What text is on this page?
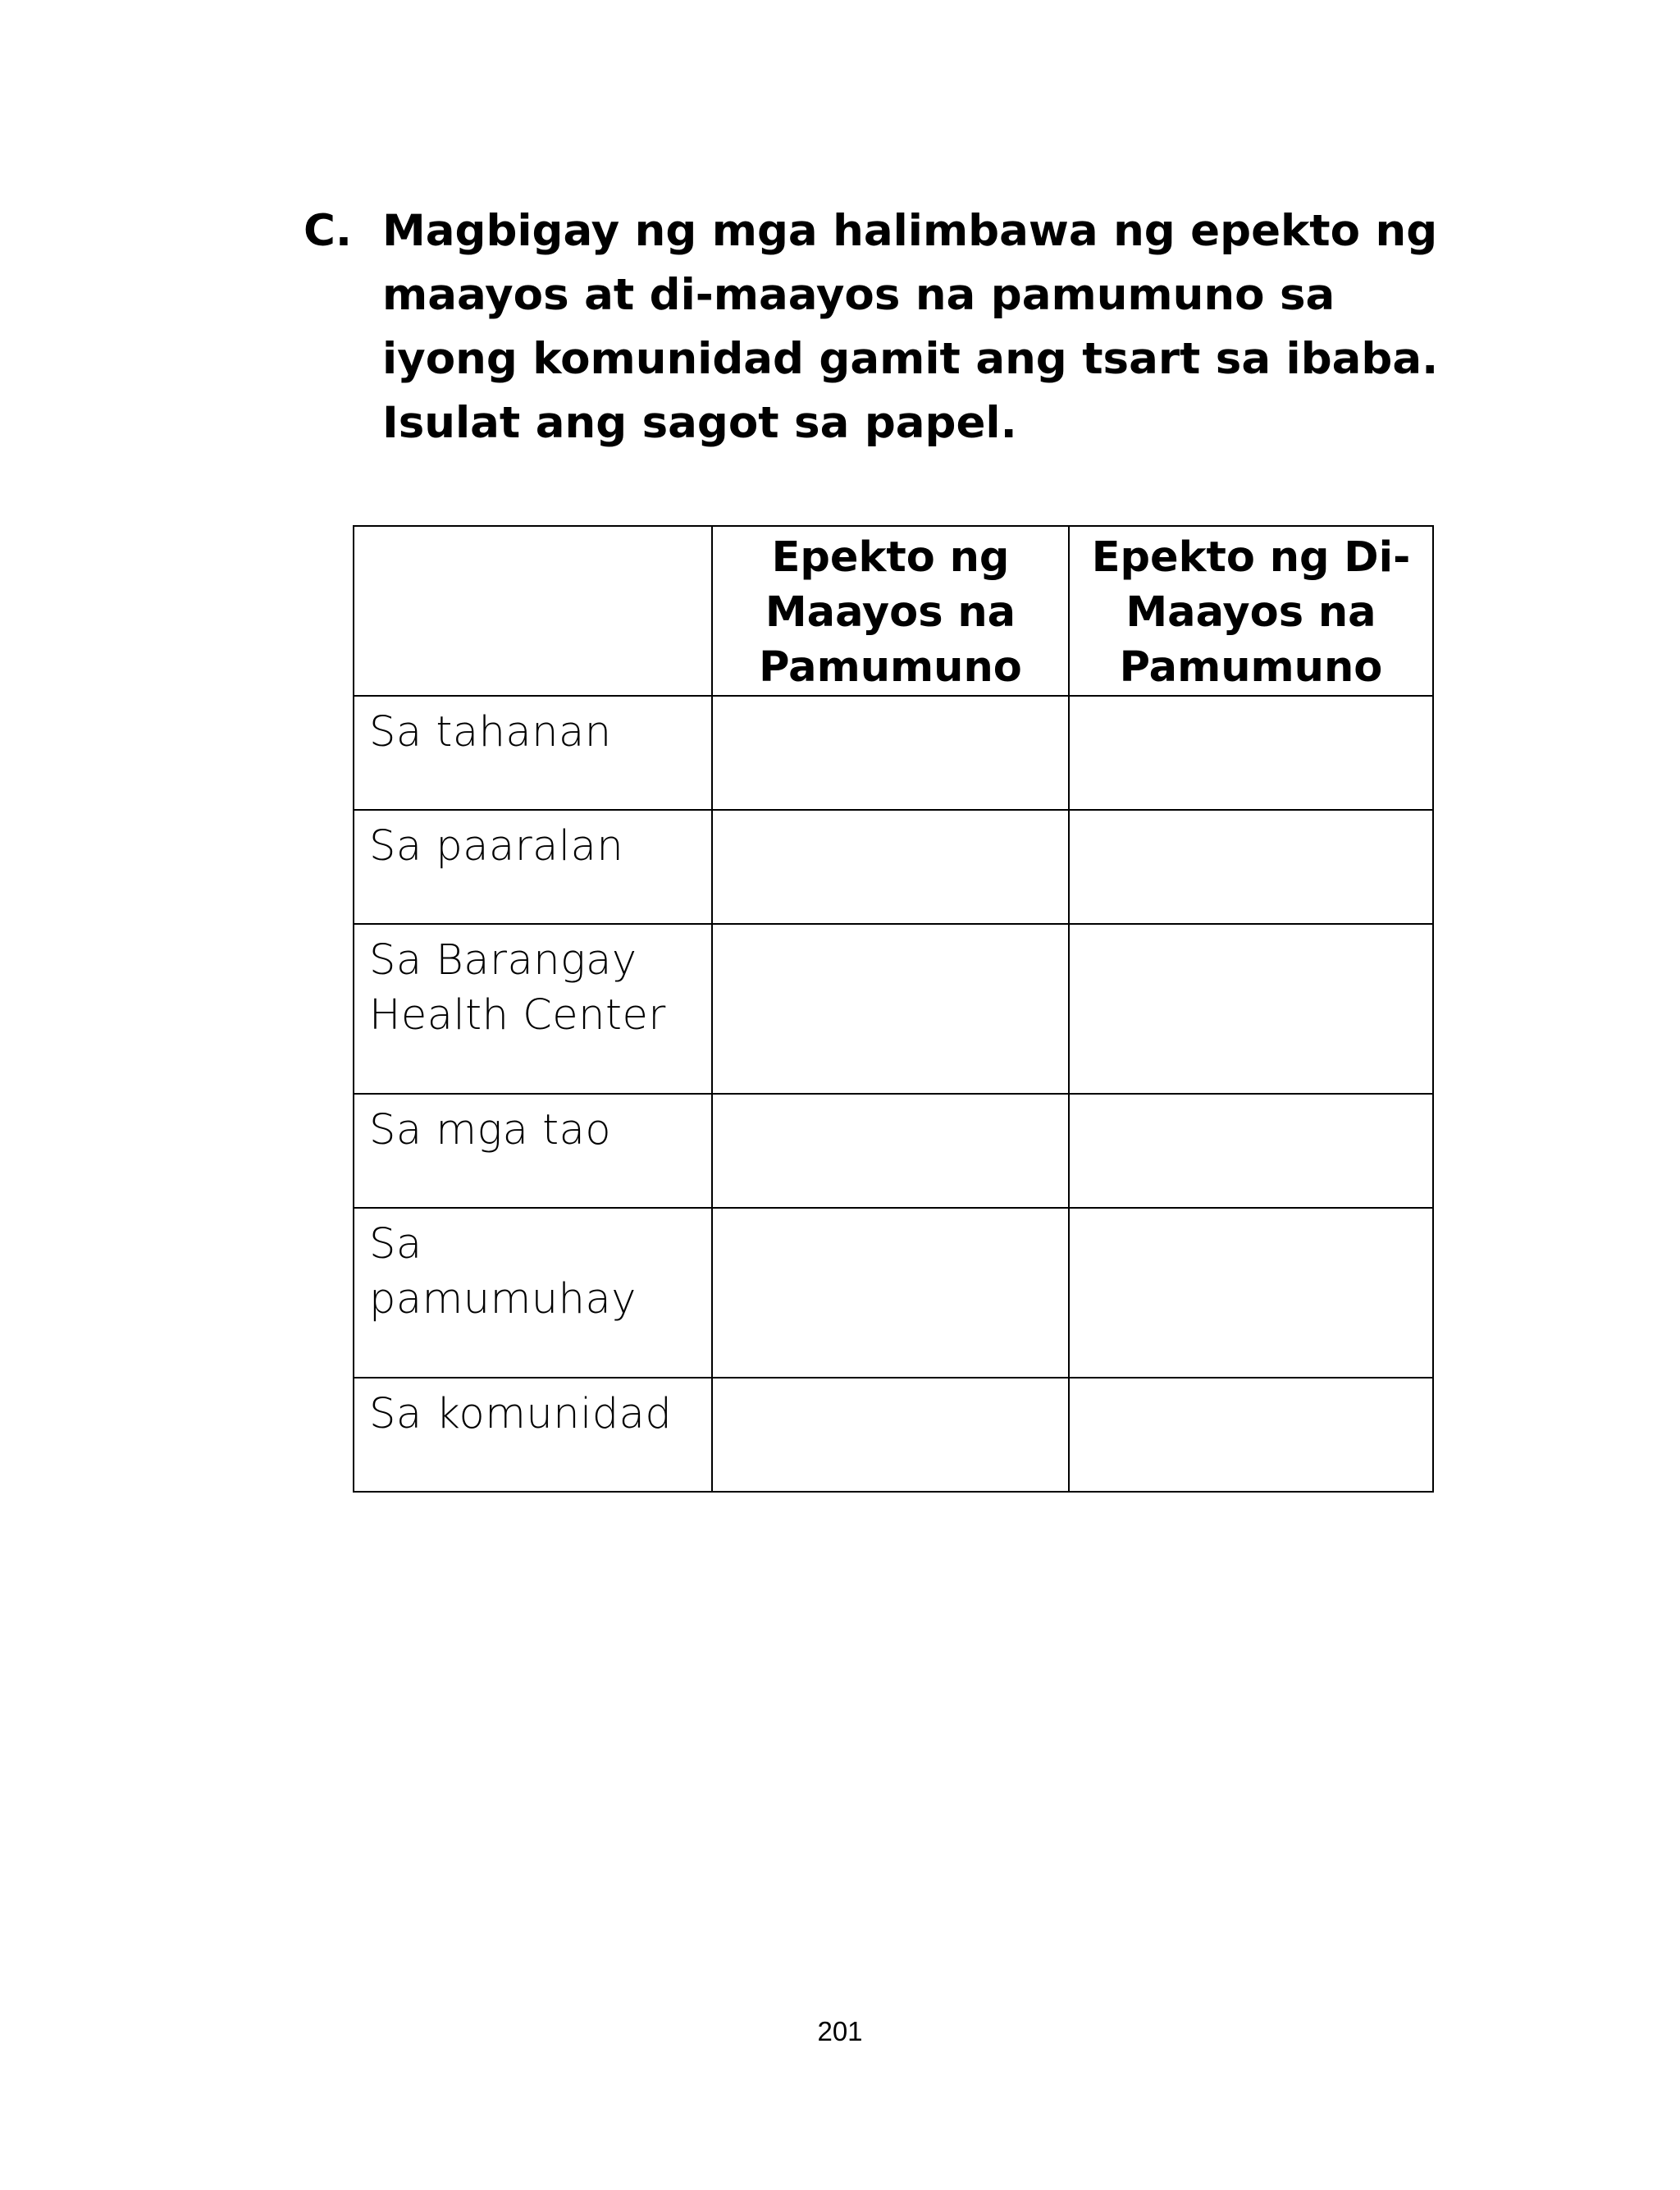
C. Magbigay ng mga halimbawa ng epekto ng maayos at di-maayos na pamumuno sa iyong komunidad gamit ang tsart sa ibaba. Isulat ang sagot sa papel.
	Epekto ng Maayos na Pamumuno	Epekto ng Di-Maayos na Pamumuno
Sa tahanan		
Sa paaralan		
Sa Barangay Health Center		
Sa mga tao		
Sa pamumuhay		
Sa komunidad		
201
